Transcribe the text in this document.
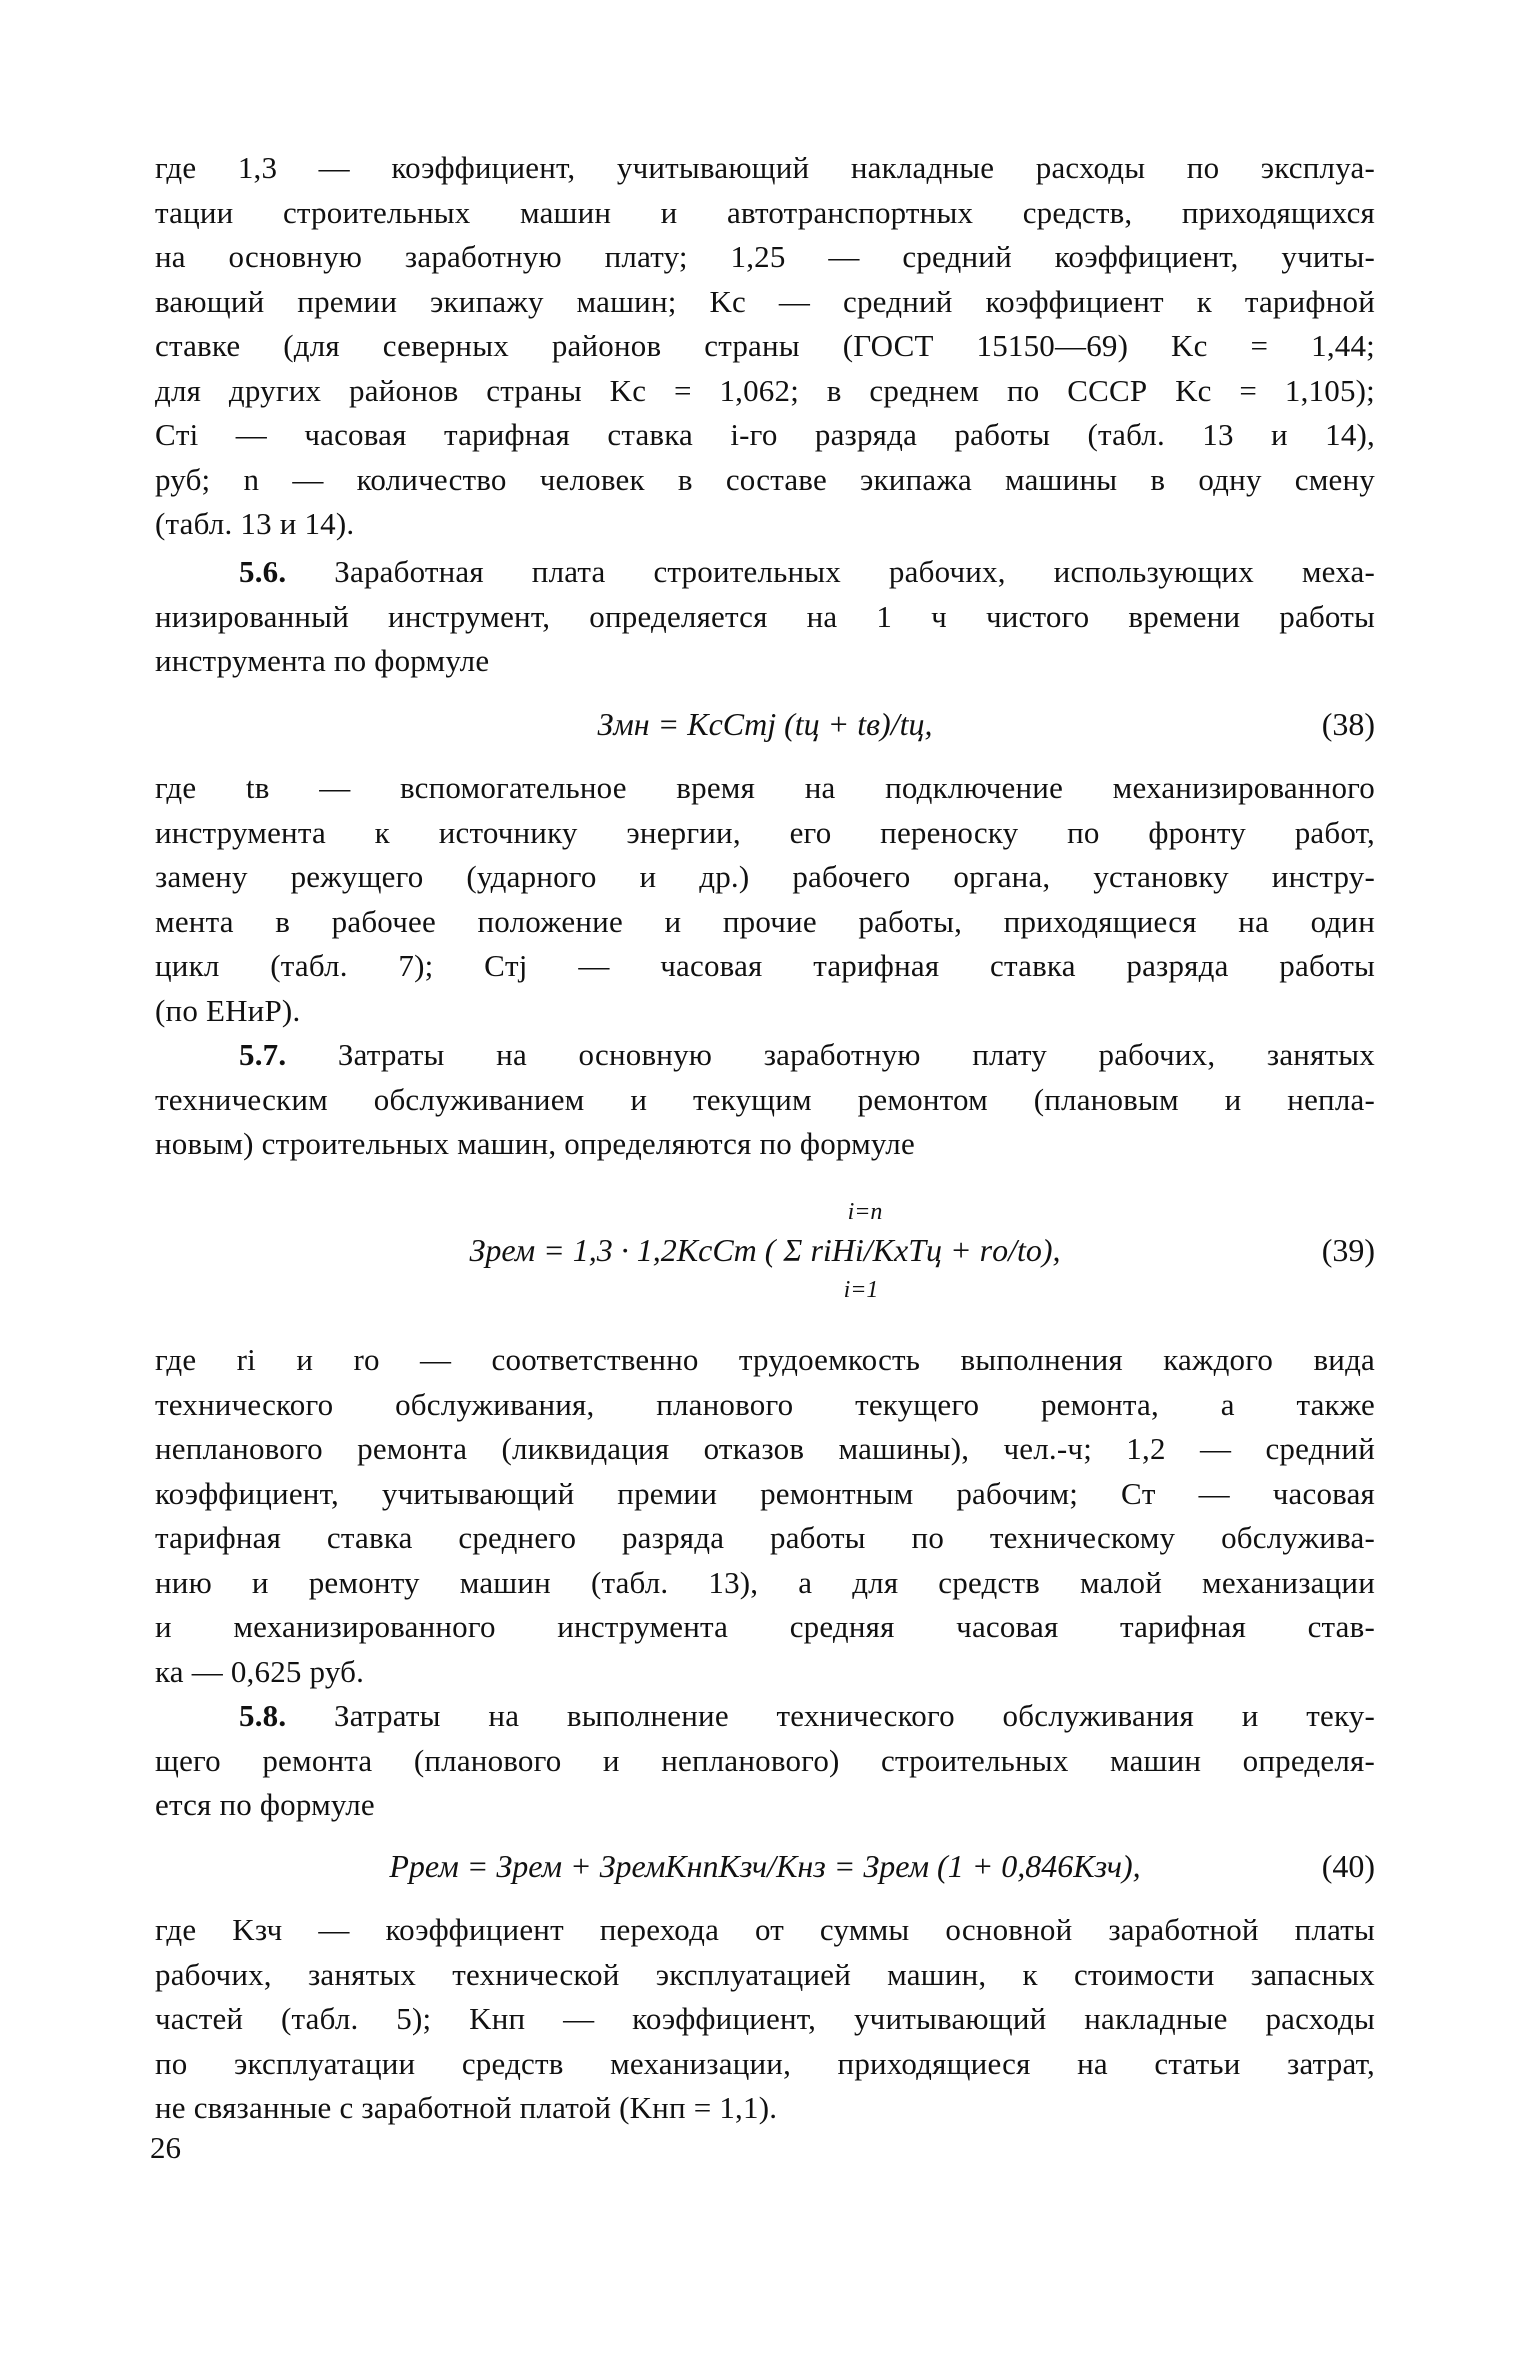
где 1,3 — коэффициент, учитывающий накладные расходы по эксплуа-
тации строительных машин и автотранспортных средств, приходящихся
на основную заработную плату; 1,25 — средний коэффициент, учиты-
вающий премии экипажу машин; Kс — средний коэффициент к тарифной
ставке (для северных районов страны (ГОСТ 15150—69) Kс = 1,44;
для других районов страны Kс = 1,062; в среднем по СССР Kс = 1,105);
Cтi — часовая тарифная ставка i-го разряда работы (табл. 13 и 14),
руб; n — количество человек в составе экипажа машины в одну смену
(табл. 13 и 14).
5.6. Заработная плата строительных рабочих, использующих меха-
низированный инструмент, определяется на 1 ч чистого времени работы
инструмента по формуле
Змн = KсCтj (tц + tв)/tц,	(38)
где tв — вспомогательное время на подключение механизированного
инструмента к источнику энергии, его переноску по фронту работ,
замену режущего (ударного и др.) рабочего органа, установку инстру-
мента в рабочее положение и прочие работы, приходящиеся на один
цикл (табл. 7); Cтj — часовая тарифная ставка разряда работы
(по ЕНиР).
5.7. Затраты на основную заработную плату рабочих, занятых
техническим обслуживанием и текущим ремонтом (плановым и непла-
новым) строительных машин, определяются по формуле
i=n
Зрем = 1,3 · 1,2KсCт ( Σ riHi/KхTц + rо/tо),
i=1
(39)
где ri и rо — соответственно трудоемкость выполнения каждого вида
технического обслуживания, планового текущего ремонта, а также
непланового ремонта (ликвидация отказов машины), чел.-ч; 1,2 — средний
коэффициент, учитывающий премии ремонтным рабочим; Cт — часовая
тарифная ставка среднего разряда работы по техническому обслужива-
нию и ремонту машин (табл. 13), а для средств малой механизации
и механизированного инструмента средняя часовая тарифная став-
ка — 0,625 руб.
5.8. Затраты на выполнение технического обслуживания и теку-
щего ремонта (планового и непланового) строительных машин определя-
ется по формуле
Pрем = Зрем + ЗремKнпKзч/Kнз = Зрем (1 + 0,846Kзч),	(40)
где Kзч — коэффициент перехода от суммы основной заработной платы
рабочих, занятых технической эксплуатацией машин, к стоимости запасных
частей (табл. 5); Kнп — коэффициент, учитывающий накладные расходы
по эксплуатации средств механизации, приходящиеся на статьи затрат,
не связанные с заработной платой (Kнп = 1,1).
26
